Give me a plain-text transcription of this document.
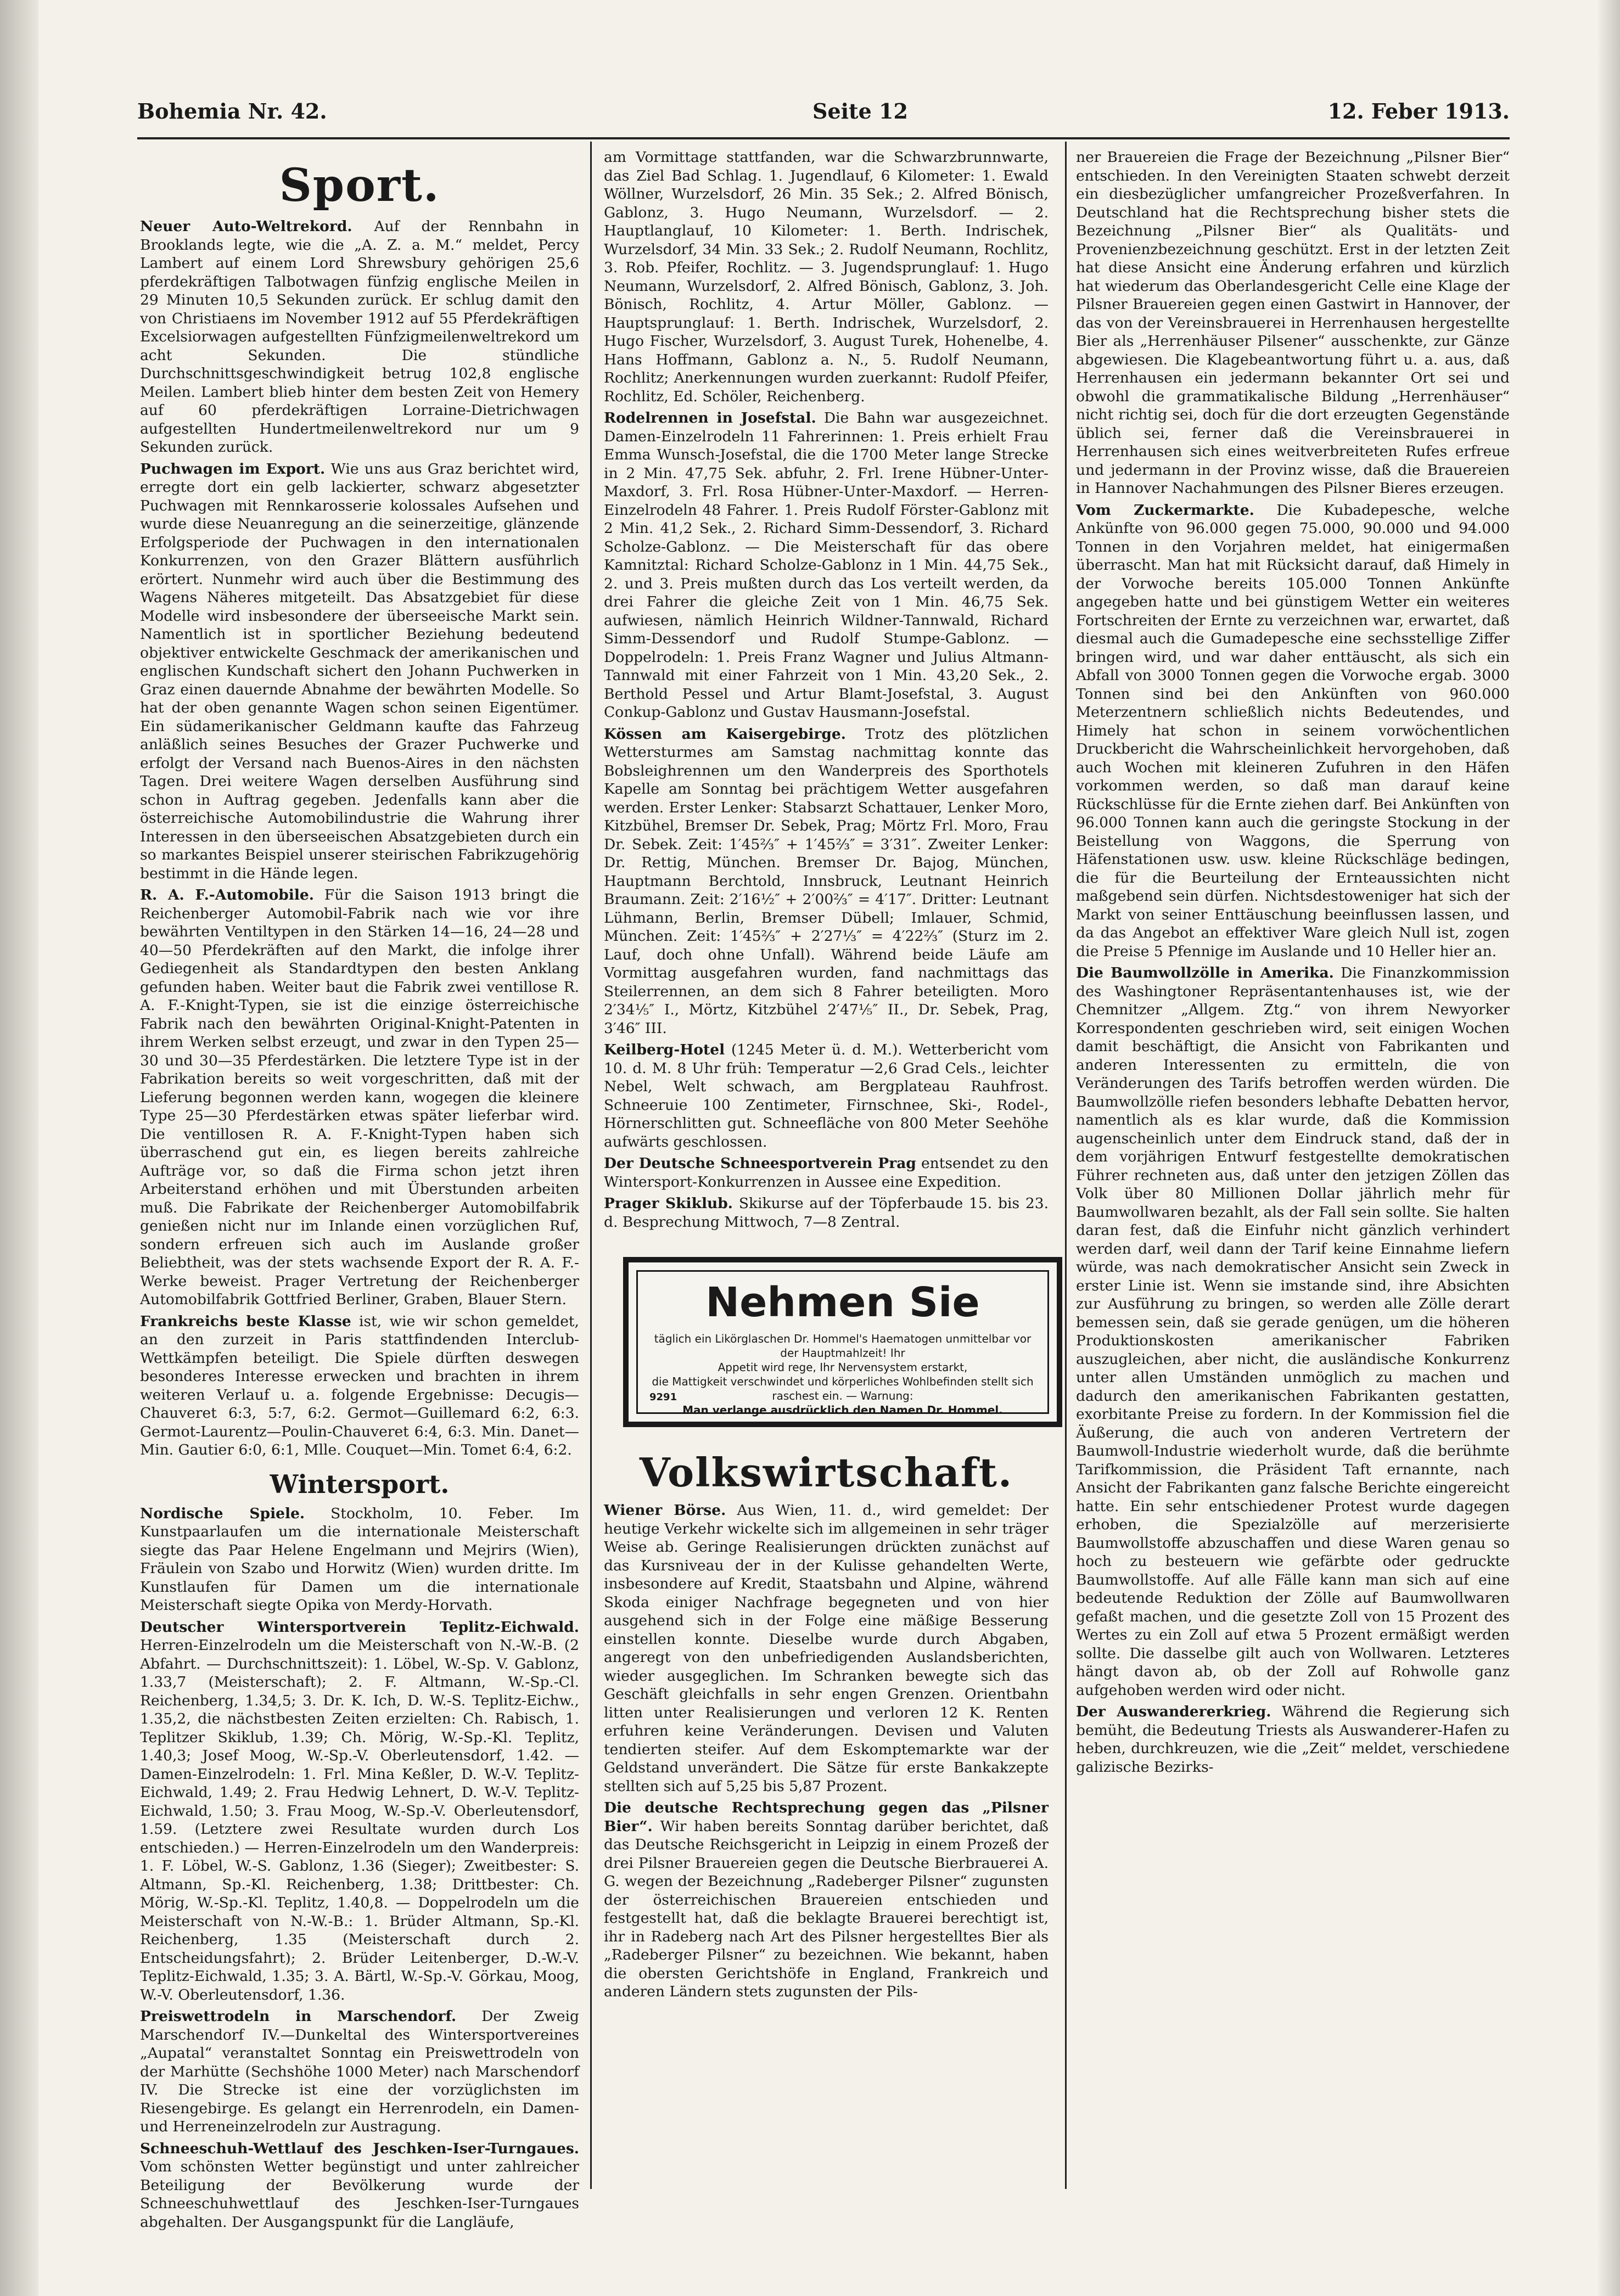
Bohemia Nr. 42.	Seite 12	12. Feber 1913.
Sport.

Neuer Auto-Weltrekord. Auf der Rennbahn in Brooklands legte, wie die „A. Z. a. M.“ meldet, Percy Lambert auf einem Lord Shrewsbury gehörigen 25,6 pferdekräftigen Talbotwagen fünfzig englische Meilen in 29 Minuten 10,5 Sekunden zurück. Er schlug damit den von Christiaens im November 1912 auf 55 Pferdekräftigen Excelsiorwagen aufgestellten Fünfzigmeilenweltrekord um acht Sekunden. Die stündliche Durchschnittsgeschwindigkeit betrug 102,8 englische Meilen. Lambert blieb hinter dem besten Zeit von Hemery auf 60 pferdekräftigen Lorraine-Dietrichwagen aufgestellten Hundertmeilenweltrekord nur um 9 Sekunden zurück.

Puchwagen im Export. Wie uns aus Graz berichtet wird, erregte dort ein gelb lackierter, schwarz abgesetzter Puchwagen mit Rennkarosserie kolossales Aufsehen und wurde diese Neuanregung an die seinerzeitige, glänzende Erfolgsperiode der Puchwagen in den internationalen Konkurrenzen, von den Grazer Blättern ausführlich erörtert. Nunmehr wird auch über die Bestimmung des Wagens Näheres mitgeteilt. Das Absatzgebiet für diese Modelle wird insbesondere der überseeische Markt sein. Namentlich ist in sportlicher Beziehung bedeutend objektiver entwickelte Geschmack der amerikanischen und englischen Kundschaft sichert den Johann Puchwerken in Graz einen dauernde Abnahme der bewährten Modelle. So hat der oben genannte Wagen schon seinen Eigentümer. Ein südamerikanischer Geldmann kaufte das Fahrzeug anläßlich seines Besuches der Grazer Puchwerke und erfolgt der Versand nach Buenos-Aires in den nächsten Tagen. Drei weitere Wagen derselben Ausführung sind schon in Auftrag gegeben. Jedenfalls kann aber die österreichische Automobilindustrie die Wahrung ihrer Interessen in den überseeischen Absatzgebieten durch ein so markantes Beispiel unserer steirischen Fabrikzugehörig bestimmt in die Hände legen.

R. A. F.-Automobile. Für die Saison 1913 bringt die Reichenberger Automobil-Fabrik nach wie vor ihre bewährten Ventiltypen in den Stärken 14—16, 24—28 und 40—50 Pferdekräften auf den Markt, die infolge ihrer Gediegenheit als Standardtypen den besten Anklang gefunden haben. Weiter baut die Fabrik zwei ventillose R. A. F.-Knight-Typen, sie ist die einzige österreichische Fabrik nach den bewährten Original-Knight-Patenten in ihrem Werken selbst erzeugt, und zwar in den Typen 25—30 und 30—35 Pferdestärken. Die letztere Type ist in der Fabrikation bereits so weit vorgeschritten, daß mit der Lieferung begonnen werden kann, wogegen die kleinere Type 25—30 Pferdestärken etwas später lieferbar wird. Die ventillosen R. A. F.-Knight-Typen haben sich überraschend gut ein, es liegen bereits zahlreiche Aufträge vor, so daß die Firma schon jetzt ihren Arbeiterstand erhöhen und mit Überstunden arbeiten muß. Die Fabrikate der Reichenberger Automobilfabrik genießen nicht nur im Inlande einen vorzüglichen Ruf, sondern erfreuen sich auch im Auslande großer Beliebtheit, was der stets wachsende Export der R. A. F.-Werke beweist. Prager Vertretung der Reichenberger Automobilfabrik Gottfried Berliner, Graben, Blauer Stern.

Frankreichs beste Klasse ist, wie wir schon gemeldet, an den zurzeit in Paris stattfindenden Interclub-Wettkämpfen beteiligt. Die Spiele dürften deswegen besonderes Interesse erwecken und brachten in ihrem weiteren Verlauf u. a. folgende Ergebnisse: Decugis—Chauveret 6:3, 5:7, 6:2. Germot—Guillemard 6:2, 6:3. Germot-Laurentz—Poulin-Chauveret 6:4, 6:3. Min. Danet—Min. Gautier 6:0, 6:1, Mlle. Couquet—Min. Tomet 6:4, 6:2.

Wintersport.

Nordische Spiele. Stockholm, 10. Feber. Im Kunstpaarlaufen um die internationale Meisterschaft siegte das Paar Helene Engelmann und Mejrirs (Wien), Fräulein von Szabo und Horwitz (Wien) wurden dritte. Im Kunstlaufen für Damen um die internationale Meisterschaft siegte Opika von Merdy-Horvath.

Deutscher Wintersportverein Teplitz-Eichwald. Herren-Einzelrodeln um die Meisterschaft von N.-W.-B. (2 Abfahrt. — Durchschnittszeit): 1. Löbel, W.-Sp. V. Gablonz, 1.33,7 (Meisterschaft); 2. F. Altmann, W.-Sp.-Cl. Reichenberg, 1.34,5; 3. Dr. K. Ich, D. W.-S. Teplitz-Eichw., 1.35,2, die nächstbesten Zeiten erzielten: Ch. Rabisch, 1. Teplitzer Skiklub, 1.39; Ch. Mörig, W.-Sp.-Kl. Teplitz, 1.40,3; Josef Moog, W.-Sp.-V. Oberleutensdorf, 1.42. — Damen-Einzelrodeln: 1. Frl. Mina Keßler, D. W.-V. Teplitz-Eichwald, 1.49; 2. Frau Hedwig Lehnert, D. W.-V. Teplitz-Eichwald, 1.50; 3. Frau Moog, W.-Sp.-V. Oberleutensdorf, 1.59. (Letztere zwei Resultate wurden durch Los entschieden.) — Herren-Einzelrodeln um den Wanderpreis: 1. F. Löbel, W.-S. Gablonz, 1.36 (Sieger); Zweitbester: S. Altmann, Sp.-Kl. Reichenberg, 1.38; Drittbester: Ch. Mörig, W.-Sp.-Kl. Teplitz, 1.40,8. — Doppelrodeln um die Meisterschaft von N.-W.-B.: 1. Brüder Altmann, Sp.-Kl. Reichenberg, 1.35 (Meisterschaft durch 2. Entscheidungsfahrt); 2. Brüder Leitenberger, D.-W.-V. Teplitz-Eichwald, 1.35; 3. A. Bärtl, W.-Sp.-V. Görkau, Moog, W.-V. Oberleutensdorf, 1.36.

Preiswettrodeln in Marschendorf. Der Zweig Marschendorf IV.—Dunkeltal des Wintersportvereines „Aupatal“ veranstaltet Sonntag ein Preiswettrodeln von der Marhütte (Sechshöhe 1000 Meter) nach Marschendorf IV. Die Strecke ist eine der vorzüglichsten im Riesengebirge. Es gelangt ein Herrenrodeln, ein Damen- und Herreneinzelrodeln zur Austragung.

Schneeschuh-Wettlauf des Jeschken-Iser-Turngaues. Vom schönsten Wetter begünstigt und unter zahlreicher Beteiligung der Bevölkerung wurde der Schneeschuhwettlauf des Jeschken-Iser-Turngaues abgehalten. Der Ausgangspunkt für die Langläufe,

am Vormittage stattfanden, war die Schwarzbrunnwarte, das Ziel Bad Schlag. 1. Jugendlauf, 6 Kilometer: 1. Ewald Wöllner, Wurzelsdorf, 26 Min. 35 Sek.; 2. Alfred Bönisch, Gablonz, 3. Hugo Neumann, Wurzelsdorf. — 2. Hauptlanglauf, 10 Kilometer: 1. Berth. Indrischek, Wurzelsdorf, 34 Min. 33 Sek.; 2. Rudolf Neumann, Rochlitz, 3. Rob. Pfeifer, Rochlitz. — 3. Jugendsprunglauf: 1. Hugo Neumann, Wurzelsdorf, 2. Alfred Bönisch, Gablonz, 3. Joh. Bönisch, Rochlitz, 4. Artur Möller, Gablonz. — Hauptsprunglauf: 1. Berth. Indrischek, Wurzelsdorf, 2. Hugo Fischer, Wurzelsdorf, 3. August Turek, Hohenelbe, 4. Hans Hoffmann, Gablonz a. N., 5. Rudolf Neumann, Rochlitz; Anerkennungen wurden zuerkannt: Rudolf Pfeifer, Rochlitz, Ed. Schöler, Reichenberg.

Rodelrennen in Josefstal. Die Bahn war ausgezeichnet. Damen-Einzelrodeln 11 Fahrerinnen: 1. Preis erhielt Frau Emma Wunsch-Josefstal, die die 1700 Meter lange Strecke in 2 Min. 47,75 Sek. abfuhr, 2. Frl. Irene Hübner-Unter-Maxdorf, 3. Frl. Rosa Hübner-Unter-Maxdorf. — Herren-Einzelrodeln 48 Fahrer. 1. Preis Rudolf Förster-Gablonz mit 2 Min. 41,2 Sek., 2. Richard Simm-Dessendorf, 3. Richard Scholze-Gablonz. — Die Meisterschaft für das obere Kamnitztal: Richard Scholze-Gablonz in 1 Min. 44,75 Sek., 2. und 3. Preis mußten durch das Los verteilt werden, da drei Fahrer die gleiche Zeit von 1 Min. 46,75 Sek. aufwiesen, nämlich Heinrich Wildner-Tannwald, Richard Simm-Dessendorf und Rudolf Stumpe-Gablonz. — Doppelrodeln: 1. Preis Franz Wagner und Julius Altmann-Tannwald mit einer Fahrzeit von 1 Min. 43,20 Sek., 2. Berthold Pessel und Artur Blamt-Josefstal, 3. August Conkup-Gablonz und Gustav Hausmann-Josefstal.

Kössen am Kaisergebirge. Trotz des plötzlichen Wettersturmes am Samstag nachmittag konnte das Bobsleighrennen um den Wanderpreis des Sporthotels Kapelle am Sonntag bei prächtigem Wetter ausgefahren werden. Erster Lenker: Stabsarzt Schattauer, Lenker Moro, Kitzbühel, Bremser Dr. Sebek, Prag; Mörtz Frl. Moro, Frau Dr. Sebek. Zeit: 1′45⅔″ + 1′45⅔″ = 3′31″. Zweiter Lenker: Dr. Rettig, München. Bremser Dr. Bajog, München, Hauptmann Berchtold, Innsbruck, Leutnant Heinrich Braumann. Zeit: 2′16½″ + 2′00⅔″ = 4′17″. Dritter: Leutnant Lühmann, Berlin, Bremser Dübell; Imlauer, Schmid, München. Zeit: 1′45⅔″ + 2′27⅓″ = 4′22⅔″ (Sturz im 2. Lauf, doch ohne Unfall). Während beide Läufe am Vormittag ausgefahren wurden, fand nachmittags das Steilerrennen, an dem sich 8 Fahrer beteiligten. Moro 2′34⅕″ I., Mörtz, Kitzbühel 2′47⅕″ II., Dr. Sebek, Prag, 3′46″ III.

Keilberg-Hotel (1245 Meter ü. d. M.). Wetterbericht vom 10. d. M. 8 Uhr früh: Temperatur —2,6 Grad Cels., leichter Nebel, Welt schwach, am Bergplateau Rauhfrost. Schneeruie 100 Zentimeter, Firnschnee, Ski-, Rodel-, Hörnerschlitten gut. Schneefläche von 800 Meter Seehöhe aufwärts geschlossen.

Der Deutsche Schneesportverein Prag entsendet zu den Wintersport-Konkurrenzen in Aussee eine Expedition.

Prager Skiklub. Skikurse auf der Töpferbaude 15. bis 23. d. Besprechung Mittwoch, 7—8 Zentral.

Nehmen Sie
täglich ein Likörglaschen Dr. Hommel's Haematogen unmittelbar vor der Hauptmahlzeit! Ihr
Appetit wird rege, Ihr Nervensystem erstarkt,
die Mattigkeit verschwindet und körperliches Wohlbefinden stellt sich raschest ein. — Warnung:
Man verlange ausdrücklich den Namen Dr. Hommel.
9291
Volkswirtschaft.

Wiener Börse. Aus Wien, 11. d., wird gemeldet: Der heutige Verkehr wickelte sich im allgemeinen in sehr träger Weise ab. Geringe Realisierungen drückten zunächst auf das Kursniveau der in der Kulisse gehandelten Werte, insbesondere auf Kredit, Staatsbahn und Alpine, während Skoda einiger Nachfrage begegneten und von hier ausgehend sich in der Folge eine mäßige Besserung einstellen konnte. Dieselbe wurde durch Abgaben, angeregt von den unbefriedigenden Auslandsberichten, wieder ausgeglichen. Im Schranken bewegte sich das Geschäft gleichfalls in sehr engen Grenzen. Orientbahn litten unter Realisierungen und verloren 12 K. Renten erfuhren keine Veränderungen. Devisen und Valuten tendierten steifer. Auf dem Eskomptemarkte war der Geldstand unverändert. Die Sätze für erste Bankakzepte stellten sich auf 5,25 bis 5,87 Prozent.

Die deutsche Rechtsprechung gegen das „Pilsner Bier“. Wir haben bereits Sonntag darüber berichtet, daß das Deutsche Reichsgericht in Leipzig in einem Prozeß der drei Pilsner Brauereien gegen die Deutsche Bierbrauerei A. G. wegen der Bezeichnung „Radeberger Pilsner“ zugunsten der österreichischen Brauereien entschieden und festgestellt hat, daß die beklagte Brauerei berechtigt ist, ihr in Radeberg nach Art des Pilsner hergestelltes Bier als „Radeberger Pilsner“ zu bezeichnen. Wie bekannt, haben die obersten Gerichtshöfe in England, Frankreich und anderen Ländern stets zugunsten der Pils-

ner Brauereien die Frage der Bezeichnung „Pilsner Bier“ entschieden. In den Vereinigten Staaten schwebt derzeit ein diesbezüglicher umfangreicher Prozeßverfahren. In Deutschland hat die Rechtsprechung bisher stets die Bezeichnung „Pilsner Bier“ als Qualitäts- und Provenienzbezeichnung geschützt. Erst in der letzten Zeit hat diese Ansicht eine Änderung erfahren und kürzlich hat wiederum das Oberlandesgericht Celle eine Klage der Pilsner Brauereien gegen einen Gastwirt in Hannover, der das von der Vereinsbrauerei in Herrenhausen hergestellte Bier als „Herrenhäuser Pilsener“ ausschenkte, zur Gänze abgewiesen. Die Klagebeantwortung führt u. a. aus, daß Herrenhausen ein jedermann bekannter Ort sei und obwohl die grammatikalische Bildung „Herrenhäuser“ nicht richtig sei, doch für die dort erzeugten Gegenstände üblich sei, ferner daß die Vereinsbrauerei in Herrenhausen sich eines weitverbreiteten Rufes erfreue und jedermann in der Provinz wisse, daß die Brauereien in Hannover Nachahmungen des Pilsner Bieres erzeugen.

Vom Zuckermarkte. Die Kubadepesche, welche Ankünfte von 96.000 gegen 75.000, 90.000 und 94.000 Tonnen in den Vorjahren meldet, hat einigermaßen überrascht. Man hat mit Rücksicht darauf, daß Himely in der Vorwoche bereits 105.000 Tonnen Ankünfte angegeben hatte und bei günstigem Wetter ein weiteres Fortschreiten der Ernte zu verzeichnen war, erwartet, daß diesmal auch die Gumadepesche eine sechsstellige Ziffer bringen wird, und war daher enttäuscht, als sich ein Abfall von 3000 Tonnen gegen die Vorwoche ergab. 3000 Tonnen sind bei den Ankünften von 960.000 Meterzentnern schließlich nichts Bedeutendes, und Himely hat schon in seinem vorwöchentlichen Druckbericht die Wahrscheinlichkeit hervorgehoben, daß auch Wochen mit kleineren Zufuhren in den Häfen vorkommen werden, so daß man darauf keine Rückschlüsse für die Ernte ziehen darf. Bei Ankünften von 96.000 Tonnen kann auch die geringste Stockung in der Beistellung von Waggons, die Sperrung von Häfenstationen usw. usw. kleine Rückschläge bedingen, die für die Beurteilung der Ernteaussichten nicht maßgebend sein dürfen. Nichtsdestoweniger hat sich der Markt von seiner Enttäuschung beeinflussen lassen, und da das Angebot an effektiver Ware gleich Null ist, zogen die Preise 5 Pfennige im Auslande und 10 Heller hier an.

Die Baumwollzölle in Amerika. Die Finanzkommission des Washingtoner Repräsentantenhauses ist, wie der Chemnitzer „Allgem. Ztg.“ von ihrem Newyorker Korrespondenten geschrieben wird, seit einigen Wochen damit beschäftigt, die Ansicht von Fabrikanten und anderen Interessenten zu ermitteln, die von Veränderungen des Tarifs betroffen werden würden. Die Baumwollzölle riefen besonders lebhafte Debatten hervor, namentlich als es klar wurde, daß die Kommission augenscheinlich unter dem Eindruck stand, daß der in dem vorjährigen Entwurf festgestellte demokratischen Führer rechneten aus, daß unter den jetzigen Zöllen das Volk über 80 Millionen Dollar jährlich mehr für Baumwollwaren bezahlt, als der Fall sein sollte. Sie halten daran fest, daß die Einfuhr nicht gänzlich verhindert werden darf, weil dann der Tarif keine Einnahme liefern würde, was nach demokratischer Ansicht sein Zweck in erster Linie ist. Wenn sie imstande sind, ihre Absichten zur Ausführung zu bringen, so werden alle Zölle derart bemessen sein, daß sie gerade genügen, um die höheren Produktionskosten amerikanischer Fabriken auszugleichen, aber nicht, die ausländische Konkurrenz unter allen Umständen unmöglich zu machen und dadurch den amerikanischen Fabrikanten gestatten, exorbitante Preise zu fordern. In der Kommission fiel die Äußerung, die auch von anderen Vertretern der Baumwoll-Industrie wiederholt wurde, daß die berühmte Tarifkommission, die Präsident Taft ernannte, nach Ansicht der Fabrikanten ganz falsche Berichte eingereicht hatte. Ein sehr entschiedener Protest wurde dagegen erhoben, die Spezialzölle auf merzerisierte Baumwollstoffe abzuschaffen und diese Waren genau so hoch zu besteuern wie gefärbte oder gedruckte Baumwollstoffe. Auf alle Fälle kann man sich auf eine bedeutende Reduktion der Zölle auf Baumwollwaren gefaßt machen, und die gesetzte Zoll von 15 Prozent des Wertes zu ein Zoll auf etwa 5 Prozent ermäßigt werden sollte. Die dasselbe gilt auch von Wollwaren. Letzteres hängt davon ab, ob der Zoll auf Rohwolle ganz aufgehoben werden wird oder nicht.

Der Auswandererkrieg. Während die Regierung sich bemüht, die Bedeutung Triests als Auswanderer-Hafen zu heben, durchkreuzen, wie die „Zeit“ meldet, verschiedene galizische Bezirks-
